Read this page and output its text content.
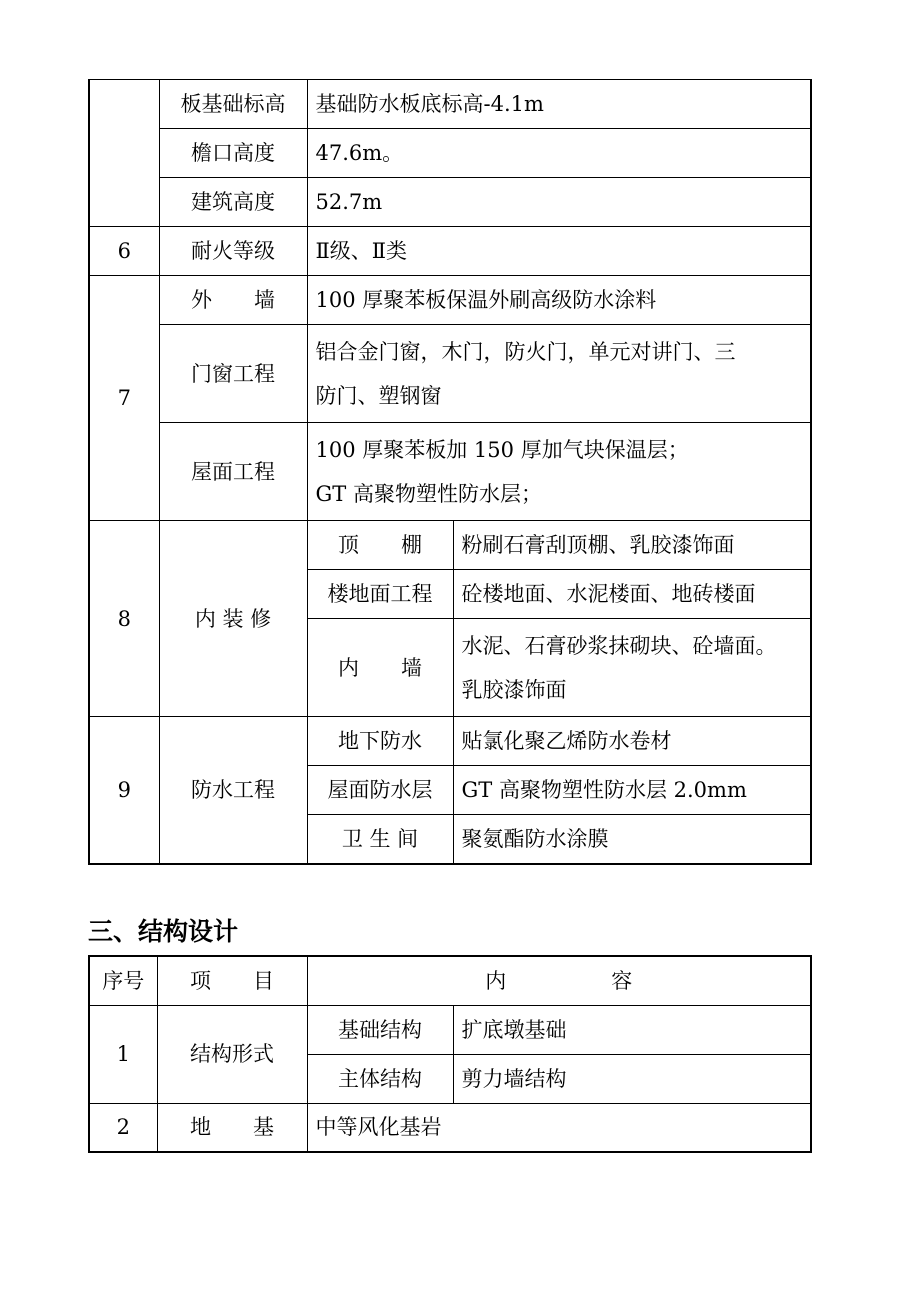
	板基础标高	基础防水板底标高-4.1m	
	檐口高度	47.6m。	
	建筑高度	52.7m	
6	耐火等级	Ⅱ级、Ⅱ类	
7	外　　墙	100 厚聚苯板保温外刷高级防水涂料	
	门窗工程	铝合金门窗，木门，防火门，单元对讲门、三
防门、塑钢窗	

	屋面工程	100 厚聚苯板加 150 厚加气块保温层；
GT 高聚物塑性防水层；	

8	内 装 修	顶　　棚	粉刷石膏刮顶棚、乳胶漆饰面
		楼地面工程	砼楼地面、水泥楼面、地砖楼面
		内　　墙	水泥、石膏砂浆抹砌块、砼墙面。
乳胶漆饰面

9	防水工程	地下防水	贴氯化聚乙烯防水卷材
		屋面防水层	GT 高聚物塑性防水层 2.0mm
		卫 生 间	聚氨酯防水涂膜
三、结构设计
序号	项　　目	内　　　　　容	
1	结构形式	基础结构	扩底墩基础
		主体结构	剪力墙结构
2	地　　基	中等风化基岩	
